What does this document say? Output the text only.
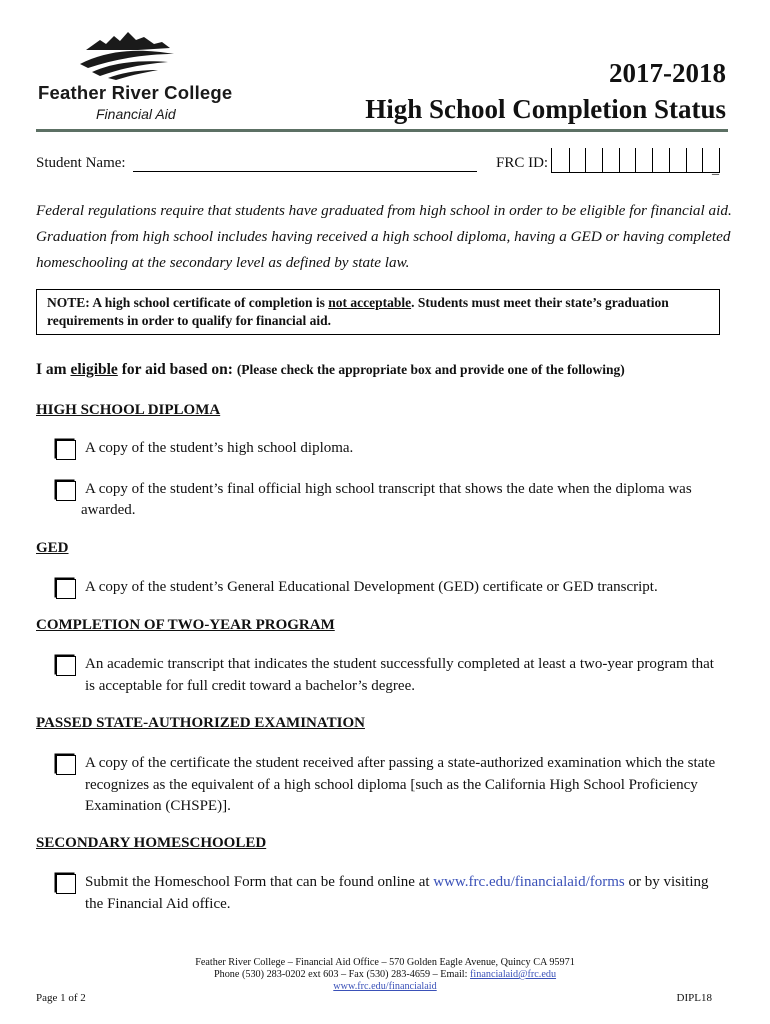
Feather River College
Financial Aid
2017-2018
High School Completion Status
Student Name:	FRC ID:	_
Federal regulations require that students have graduated from high school in order to be eligible for financial aid.
Graduation from high school includes having received a high school diploma, having a GED or having completed
homeschooling at the secondary level as defined by state law.
NOTE: A high school certificate of completion is not acceptable. Students must meet their state’s graduation
requirements in order to qualify for financial aid.
I am eligible for aid based on: (Please check the appropriate box and provide one of the following)
HIGH SCHOOL DIPLOMA
A copy of the student’s high school diploma.
A copy of the student’s final official high school transcript that shows the date when the diploma was
awarded.
GED
A copy of the student’s General Educational Development (GED) certificate or GED transcript.
COMPLETION OF TWO-YEAR PROGRAM
An academic transcript that indicates the student successfully completed at least a two-year program that
is acceptable for full credit toward a bachelor’s degree.
PASSED STATE-AUTHORIZED EXAMINATION
A copy of the certificate the student received after passing a state-authorized examination which the state
recognizes as the equivalent of a high school diploma [such as the California High School Proficiency
Examination (CHSPE)].
SECONDARY HOMESCHOOLED
Submit the Homeschool Form that can be found online at www.frc.edu/financialaid/forms or by visiting
the Financial Aid office.
Feather River College – Financial Aid Office – 570 Golden Eagle Avenue, Quincy CA 95971
Phone (530) 283-0202 ext 603 – Fax (530) 283-4659 – Email: financialaid@frc.edu
www.frc.edu/financialaid
Page 1 of 2	DIPL18
